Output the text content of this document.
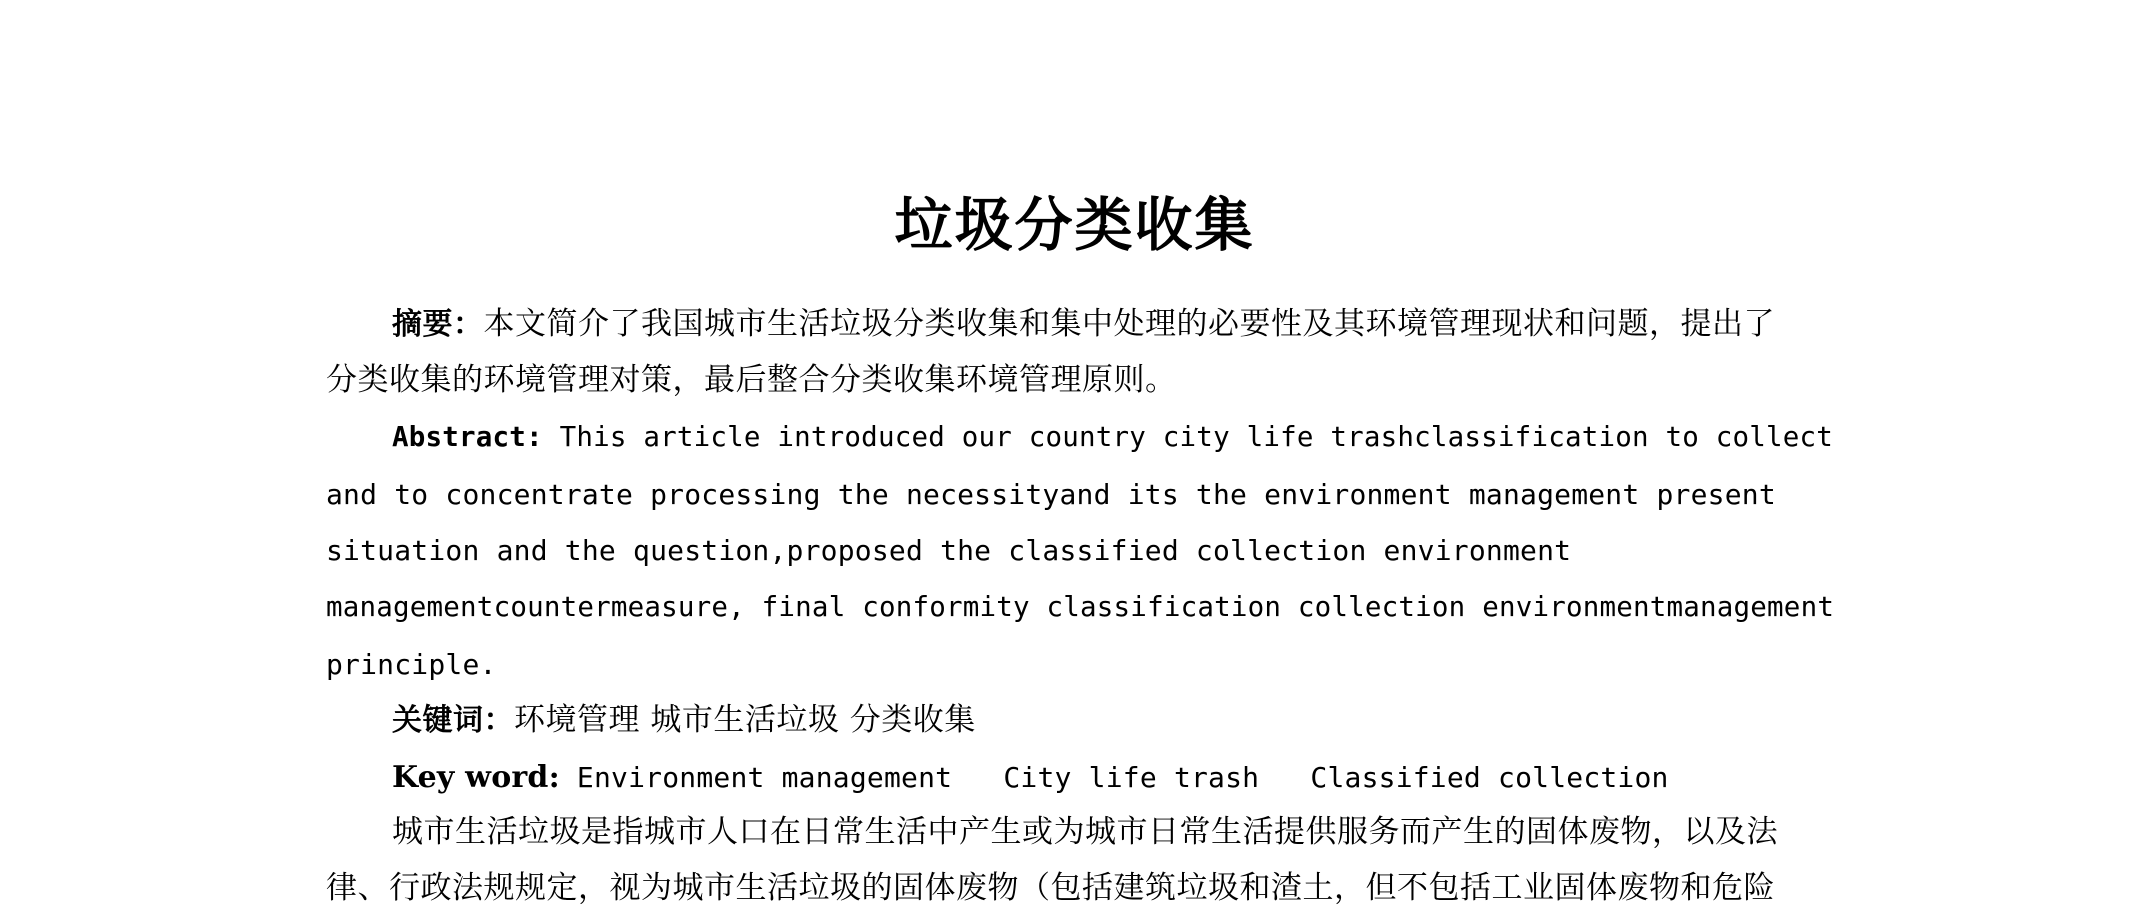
垃圾分类收集
摘要：本文简介了我国城市生活垃圾分类收集和集中处理的必要性及其环境管理现状和问题，提出了
分类收集的环境管理对策，最后整合分类收集环境管理原则。
Abstract: This article introduced our country city life trashclassification to collect
and to concentrate processing the necessityand its the environment management present
situation and the question,proposed the classified collection environment
managementcountermeasure, final conformity classification collection environmentmanagement
principle.
关键词：环境管理 城市生活垃圾 分类收集
Key word: Environment management   City life trash   Classified collection
城市生活垃圾是指城市人口在日常生活中产生或为城市日常生活提供服务而产生的固体废物，以及法
律、行政法规规定，视为城市生活垃圾的固体废物（包括建筑垃圾和渣土，但不包括工业固体废物和危险
